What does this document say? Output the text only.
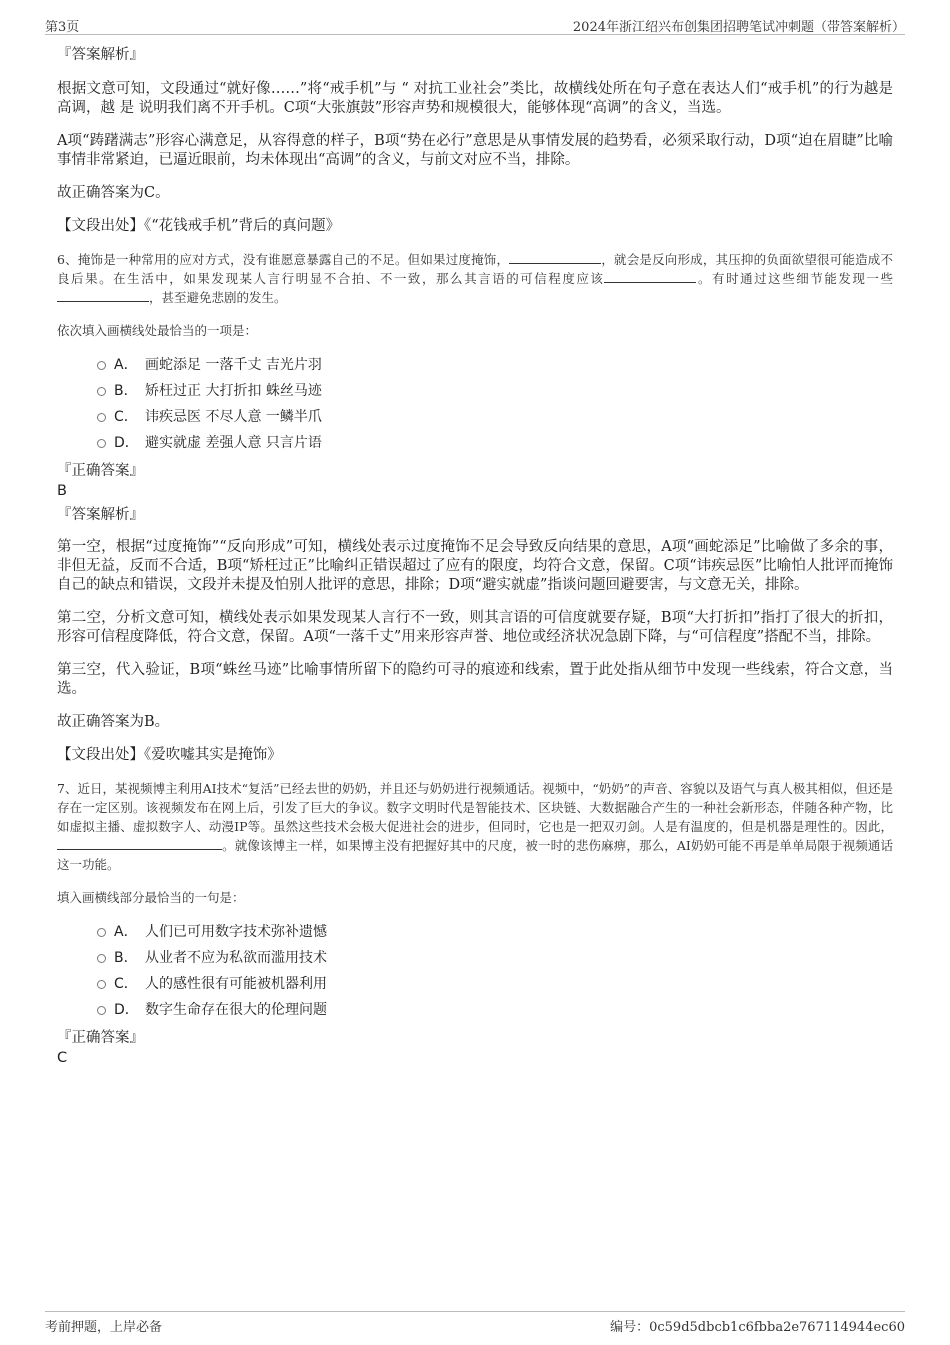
第3页	2024年浙江绍兴布创集团招聘笔试冲刺题（带答案解析）

『答案解析』

根据文意可知，文段通过“就好像……”将“戒手机”与 “ 对抗工业社会”类比，故横线处所在句子意在表达人们“戒手机”的行为越是高调，越 是 说明我们离不开手机。C项“大张旗鼓”形容声势和规模很大，能够体现“高调”的含义，当选。

A项“踌躇满志”形容心满意足，从容得意的样子，B项“势在必行”意思是从事情发展的趋势看，必须采取行动，D项“迫在眉睫”比喻事情非常紧迫，已逼近眼前，均未体现出“高调”的含义，与前文对应不当，排除。

故正确答案为C。

【文段出处】《“花钱戒手机”背后的真问题》

6、掩饰是一种常用的应对方式，没有谁愿意暴露自己的不足。但如果过度掩饰，	，就会是反向形成，其压抑的负面欲望很可能造成不良后果。在生活中，如果发现某人言行明显不合拍、不一致，那么其言语的可信程度应该	。有时通过这些细节能发现一些，甚至避免悲剧的发生。

依次填入画横线处最恰当的一项是：

A． 画蛇添足 一落千丈 吉光片羽
B． 矫枉过正 大打折扣 蛛丝马迹
C． 讳疾忌医 不尽人意 一鳞半爪
D． 避实就虚 差强人意 只言片语

『正确答案』

B

『答案解析』

第一空，根据“过度掩饰”“反向形成”可知，横线处表示过度掩饰不足会导致反向结果的意思，A项“画蛇添足”比喻做了多余的事，非但无益，反而不合适，B项“矫枉过正”比喻纠正错误超过了应有的限度，均符合文意，保留。C项“讳疾忌医”比喻怕人批评而掩饰自己的缺点和错误，文段并未提及怕别人批评的意思，排除；D项“避实就虚”指谈问题回避要害，与文意无关，排除。

第二空，分析文意可知，横线处表示如果发现某人言行不一致，则其言语的可信度就要存疑，B项“大打折扣”指打了很大的折扣，形容可信程度降低，符合文意，保留。A项“一落千丈”用来形容声誉、地位或经济状况急剧下降，与“可信程度”搭配不当，排除。

第三空，代入验证，B项“蛛丝马迹”比喻事情所留下的隐约可寻的痕迹和线索，置于此处指从细节中发现一些线索，符合文意，当选。

故正确答案为B。

【文段出处】《爱吹嘘其实是掩饰》

7、近日，某视频博主利用AI技术“复活”已经去世的奶奶，并且还与奶奶进行视频通话。视频中，“奶奶”的声音、容貌以及语气与真人极其相似，但还是存在一定区别。该视频发布在网上后，引发了巨大的争议。数字文明时代是智能技术、区块链、大数据融合产生的一种社会新形态，伴随各种产物，比如虚拟主播、虚拟数字人、动漫IP等。虽然这些技术会极大促进社会的进步，但同时，它也是一把双刃剑。人是有温度的，但是机器是理性的。因此，。就像该博主一样，如果博主没有把握好其中的尺度，被一时的悲伤麻痹，那么，AI奶奶可能不再是单单局限于视频通话这一功能。

填入画横线部分最恰当的一句是：

A． 人们已可用数字技术弥补遗憾
B． 从业者不应为私欲而滥用技术
C． 人的感性很有可能被机器利用
D． 数字生命存在很大的伦理问题

『正确答案』

C

考前押题，上岸必备	编号：0c59d5dbcb1c6fbba2e767114944ec60
